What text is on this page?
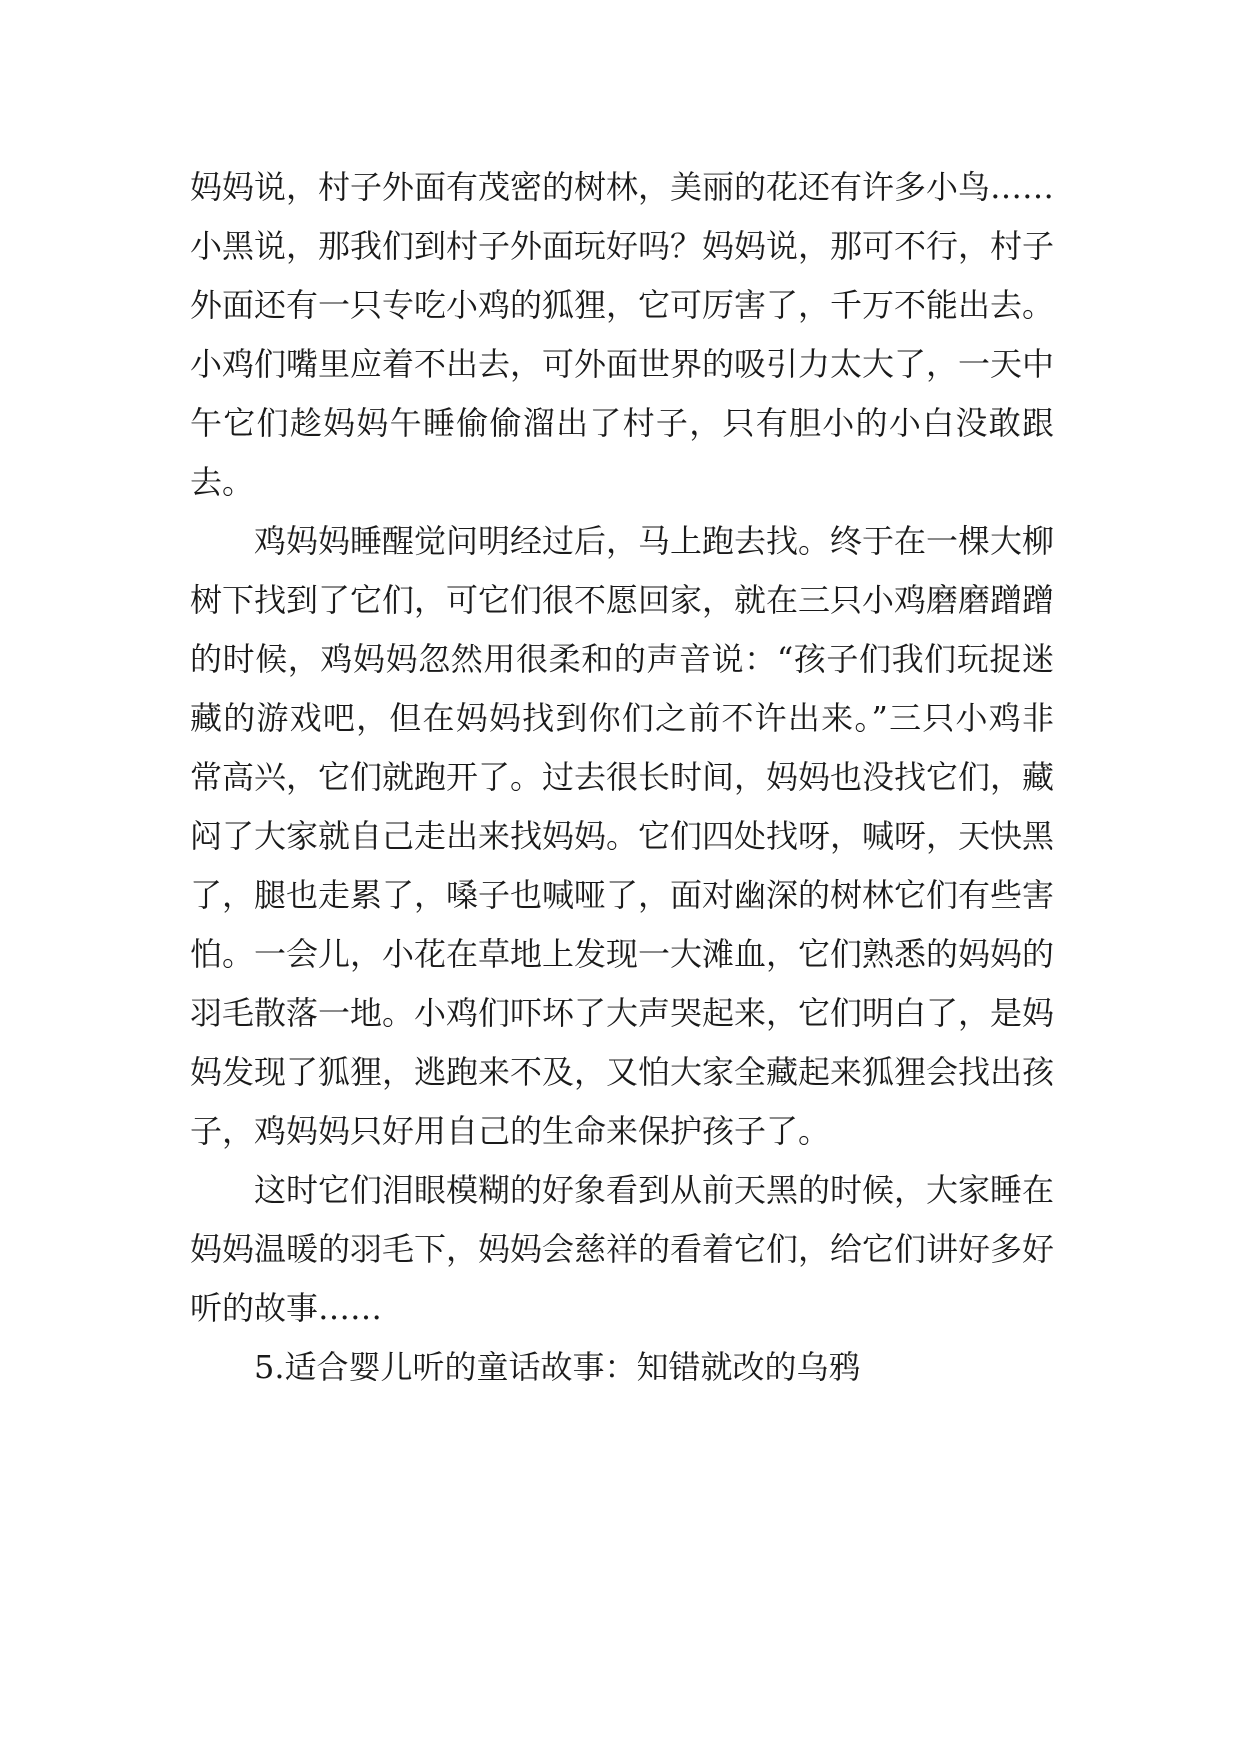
妈妈说，村子外面有茂密的树林，美丽的花还有许多小鸟……小黑说，那我们到村子外面玩好吗？妈妈说，那可不行，村子外面还有一只专吃小鸡的狐狸，它可厉害了，千万不能出去。小鸡们嘴里应着不出去，可外面世界的吸引力太大了，一天中午它们趁妈妈午睡偷偷溜出了村子，只有胆小的小白没敢跟去。

鸡妈妈睡醒觉问明经过后，马上跑去找。终于在一棵大柳树下找到了它们，可它们很不愿回家，就在三只小鸡磨磨蹭蹭的时候，鸡妈妈忽然用很柔和的声音说：“孩子们我们玩捉迷藏的游戏吧，但在妈妈找到你们之前不许出来。”三只小鸡非常高兴，它们就跑开了。过去很长时间，妈妈也没找它们，藏闷了大家就自己走出来找妈妈。它们四处找呀，喊呀，天快黑了，腿也走累了，嗓子也喊哑了，面对幽深的树林它们有些害怕。一会儿，小花在草地上发现一大滩血，它们熟悉的妈妈的羽毛散落一地。小鸡们吓坏了大声哭起来，它们明白了，是妈妈发现了狐狸，逃跑来不及，又怕大家全藏起来狐狸会找出孩子，鸡妈妈只好用自己的生命来保护孩子了。

这时它们泪眼模糊的好象看到从前天黑的时候，大家睡在妈妈温暖的羽毛下，妈妈会慈祥的看着它们，给它们讲好多好听的故事……

5.适合婴儿听的童话故事：知错就改的乌鸦
